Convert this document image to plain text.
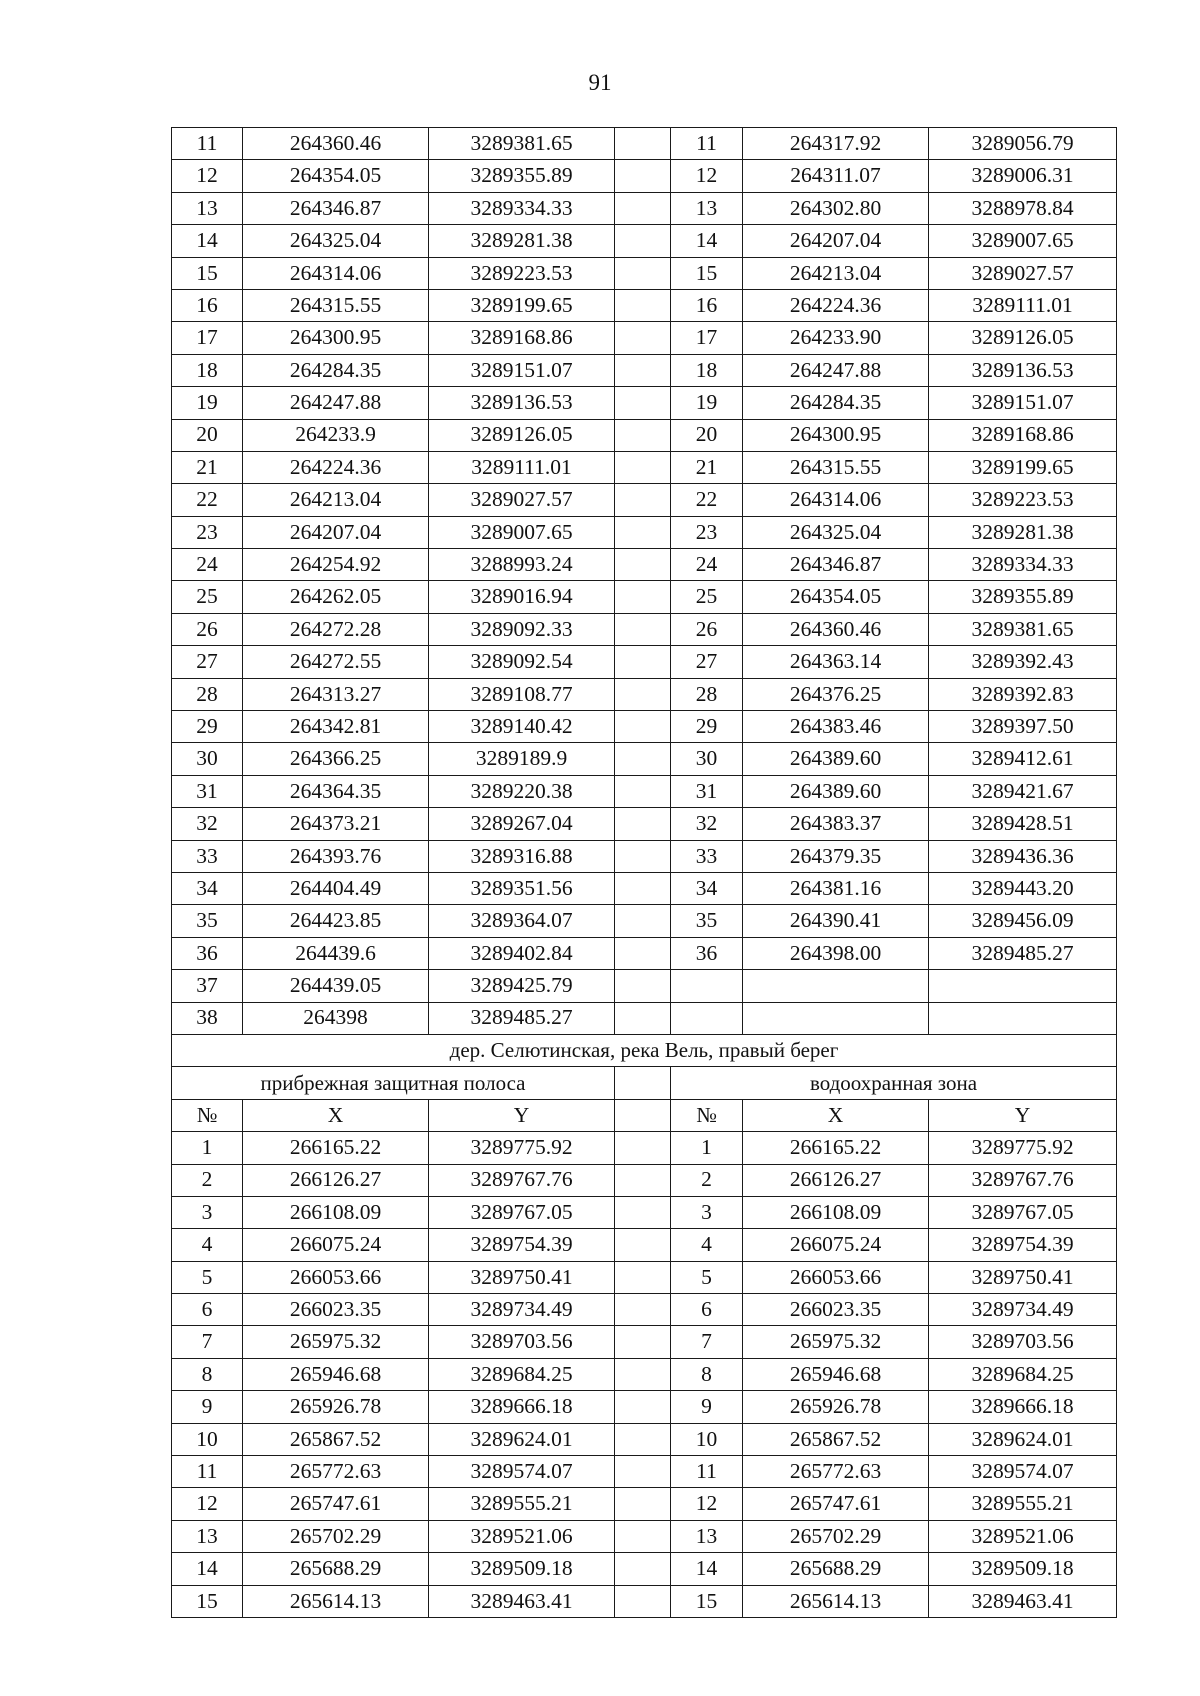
91
11	264360.46	3289381.65		11	264317.92	3289056.79
12	264354.05	3289355.89		12	264311.07	3289006.31
13	264346.87	3289334.33		13	264302.80	3288978.84
14	264325.04	3289281.38		14	264207.04	3289007.65
15	264314.06	3289223.53		15	264213.04	3289027.57
16	264315.55	3289199.65		16	264224.36	3289111.01
17	264300.95	3289168.86		17	264233.90	3289126.05
18	264284.35	3289151.07		18	264247.88	3289136.53
19	264247.88	3289136.53		19	264284.35	3289151.07
20	264233.9	3289126.05		20	264300.95	3289168.86
21	264224.36	3289111.01		21	264315.55	3289199.65
22	264213.04	3289027.57		22	264314.06	3289223.53
23	264207.04	3289007.65		23	264325.04	3289281.38
24	264254.92	3288993.24		24	264346.87	3289334.33
25	264262.05	3289016.94		25	264354.05	3289355.89
26	264272.28	3289092.33		26	264360.46	3289381.65
27	264272.55	3289092.54		27	264363.14	3289392.43
28	264313.27	3289108.77		28	264376.25	3289392.83
29	264342.81	3289140.42		29	264383.46	3289397.50
30	264366.25	3289189.9		30	264389.60	3289412.61
31	264364.35	3289220.38		31	264389.60	3289421.67
32	264373.21	3289267.04		32	264383.37	3289428.51
33	264393.76	3289316.88		33	264379.35	3289436.36
34	264404.49	3289351.56		34	264381.16	3289443.20
35	264423.85	3289364.07		35	264390.41	3289456.09
36	264439.6	3289402.84		36	264398.00	3289485.27
37	264439.05	3289425.79				
38	264398	3289485.27				
дер. Селютинская, река Вель, правый берег						
прибрежная защитная полоса				водоохранная зона		
№	X	Y		№	X	Y
1	266165.22	3289775.92		1	266165.22	3289775.92
2	266126.27	3289767.76		2	266126.27	3289767.76
3	266108.09	3289767.05		3	266108.09	3289767.05
4	266075.24	3289754.39		4	266075.24	3289754.39
5	266053.66	3289750.41		5	266053.66	3289750.41
6	266023.35	3289734.49		6	266023.35	3289734.49
7	265975.32	3289703.56		7	265975.32	3289703.56
8	265946.68	3289684.25		8	265946.68	3289684.25
9	265926.78	3289666.18		9	265926.78	3289666.18
10	265867.52	3289624.01		10	265867.52	3289624.01
11	265772.63	3289574.07		11	265772.63	3289574.07
12	265747.61	3289555.21		12	265747.61	3289555.21
13	265702.29	3289521.06		13	265702.29	3289521.06
14	265688.29	3289509.18		14	265688.29	3289509.18
15	265614.13	3289463.41		15	265614.13	3289463.41
